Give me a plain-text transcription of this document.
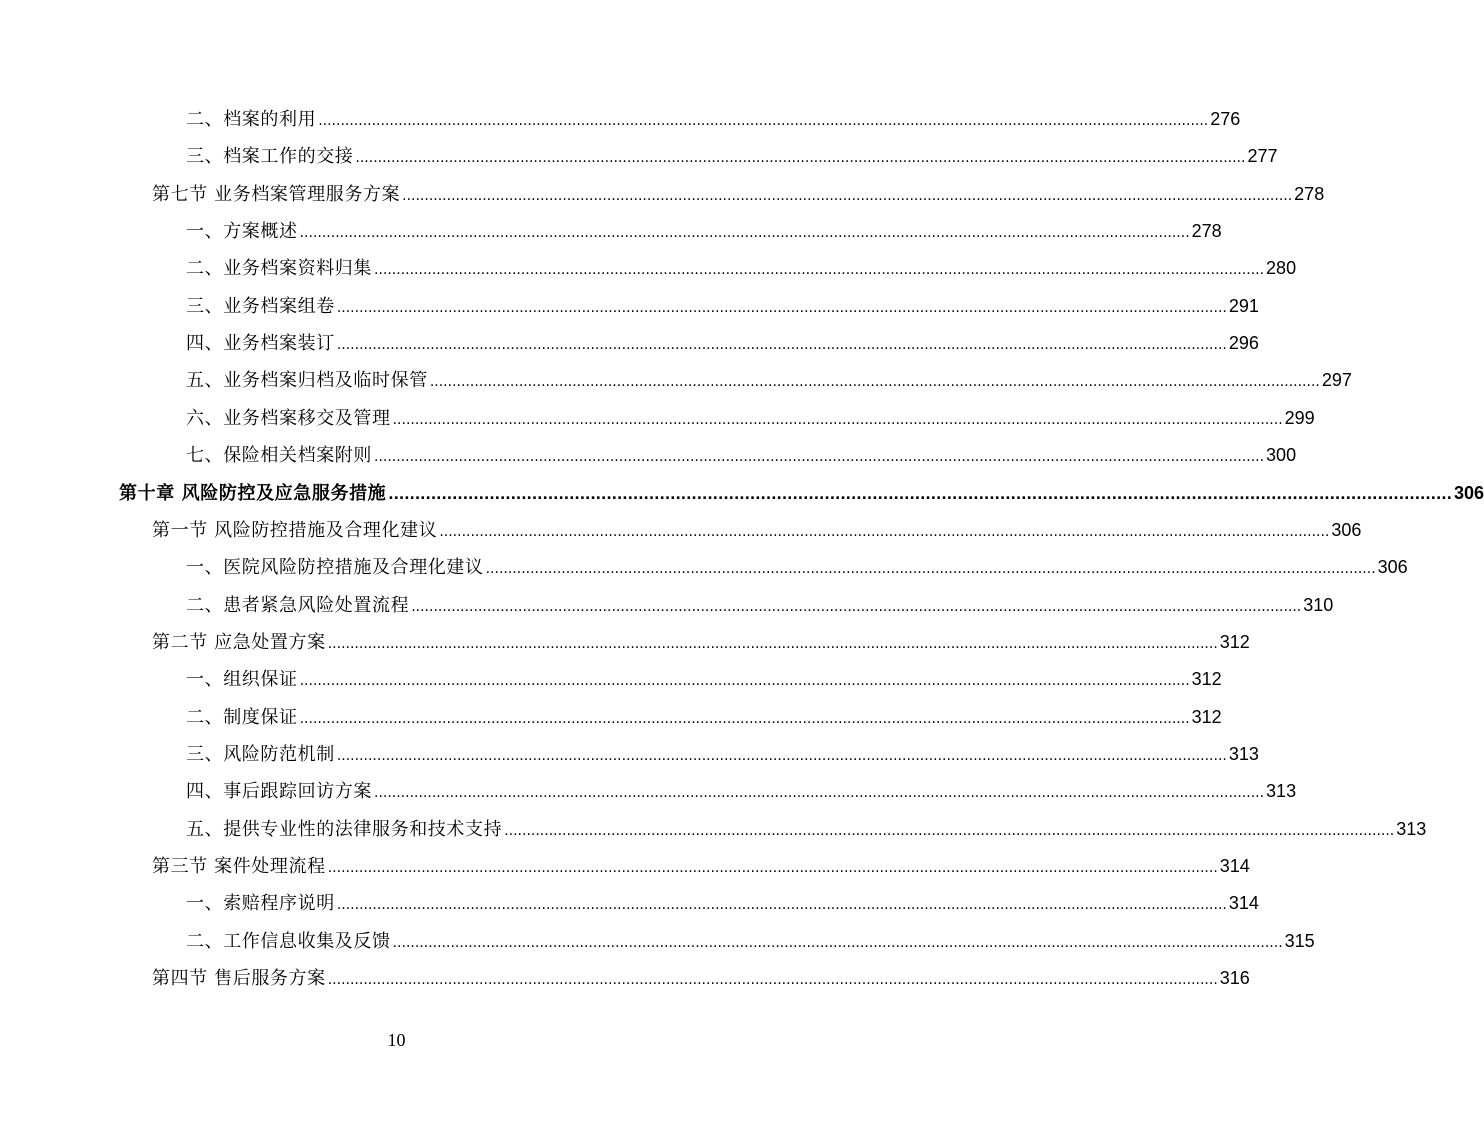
二、档案的利用 ........................................................................................................................................................................................................ 276
三、档案工作的交接 ........................................................................................................................................................................................................ 277
第七节 业务档案管理服务方案 ........................................................................................................................................................................................................ 278
一、方案概述 ........................................................................................................................................................................................................ 278
二、业务档案资料归集 ........................................................................................................................................................................................................ 280
三、业务档案组卷 ........................................................................................................................................................................................................ 291
四、业务档案装订 ........................................................................................................................................................................................................ 296
五、业务档案归档及临时保管 ........................................................................................................................................................................................................ 297
六、业务档案移交及管理 ........................................................................................................................................................................................................ 299
七、保险相关档案附则 ........................................................................................................................................................................................................ 300
第十章 风险防控及应急服务措施 ........................................................................................................................................................................................................ 306
第一节 风险防控措施及合理化建议 ........................................................................................................................................................................................................ 306
一、医院风险防控措施及合理化建议 ........................................................................................................................................................................................................ 306
二、患者紧急风险处置流程 ........................................................................................................................................................................................................ 310
第二节 应急处置方案 ........................................................................................................................................................................................................ 312
一、组织保证 ........................................................................................................................................................................................................ 312
二、制度保证 ........................................................................................................................................................................................................ 312
三、风险防范机制 ........................................................................................................................................................................................................ 313
四、事后跟踪回访方案 ........................................................................................................................................................................................................ 313
五、提供专业性的法律服务和技术支持 ........................................................................................................................................................................................................ 313
第三节 案件处理流程 ........................................................................................................................................................................................................ 314
一、索赔程序说明 ........................................................................................................................................................................................................ 314
二、工作信息收集及反馈 ........................................................................................................................................................................................................ 315
第四节 售后服务方案 ........................................................................................................................................................................................................ 316
10
